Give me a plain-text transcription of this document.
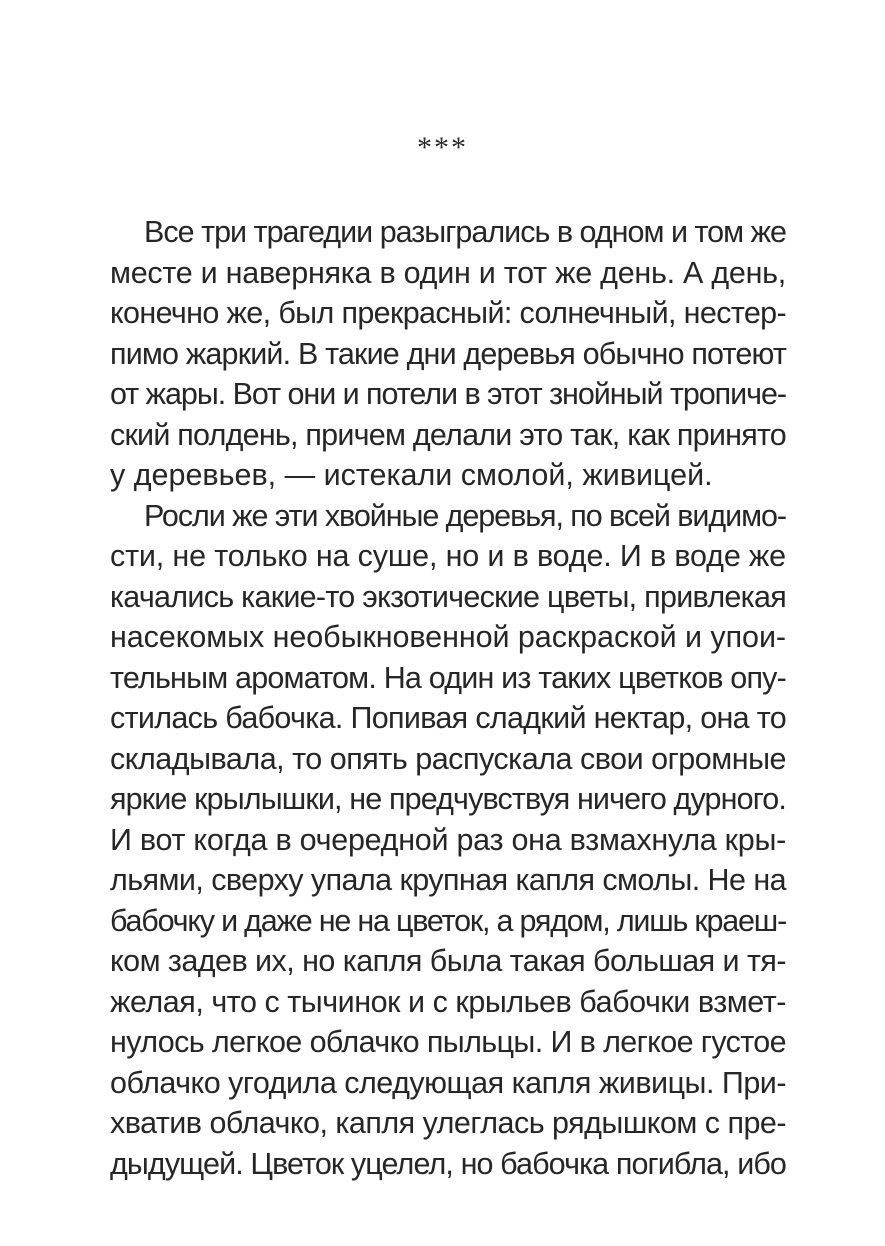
***
Все три трагедии разыгрались в одном и том же
месте и наверняка в один и тот же день. А день,
конечно же, был прекрасный: солнечный, нестер-
пимо жаркий. В такие дни деревья обычно потеют
от жары. Вот они и потели в этот знойный тропиче-
ский полдень, причем делали это так, как принято
у деревьев, — истекали смолой, живицей.
Росли же эти хвойные деревья, по всей видимо-
сти, не только на суше, но и в воде. И в воде же
качались какие-то экзотические цветы, привлекая
насекомых необыкновенной раскраской и упои-
тельным ароматом. На один из таких цветков опу-
стилась бабочка. Попивая сладкий нектар, она то
складывала, то опять распускала свои огромные
яркие крылышки, не предчувствуя ничего дурного.
И вот когда в очередной раз она взмахнула кры-
льями, сверху упала крупная капля смолы. Не на
бабочку и даже не на цветок, а рядом, лишь краеш-
ком задев их, но капля была такая большая и тя-
желая, что с тычинок и с крыльев бабочки взмет-
нулось легкое облачко пыльцы. И в легкое густое
облачко угодила следующая капля живицы. При-
хватив облачко, капля улеглась рядышком с пре-
дыдущей. Цветок уцелел, но бабочка погибла, ибо
